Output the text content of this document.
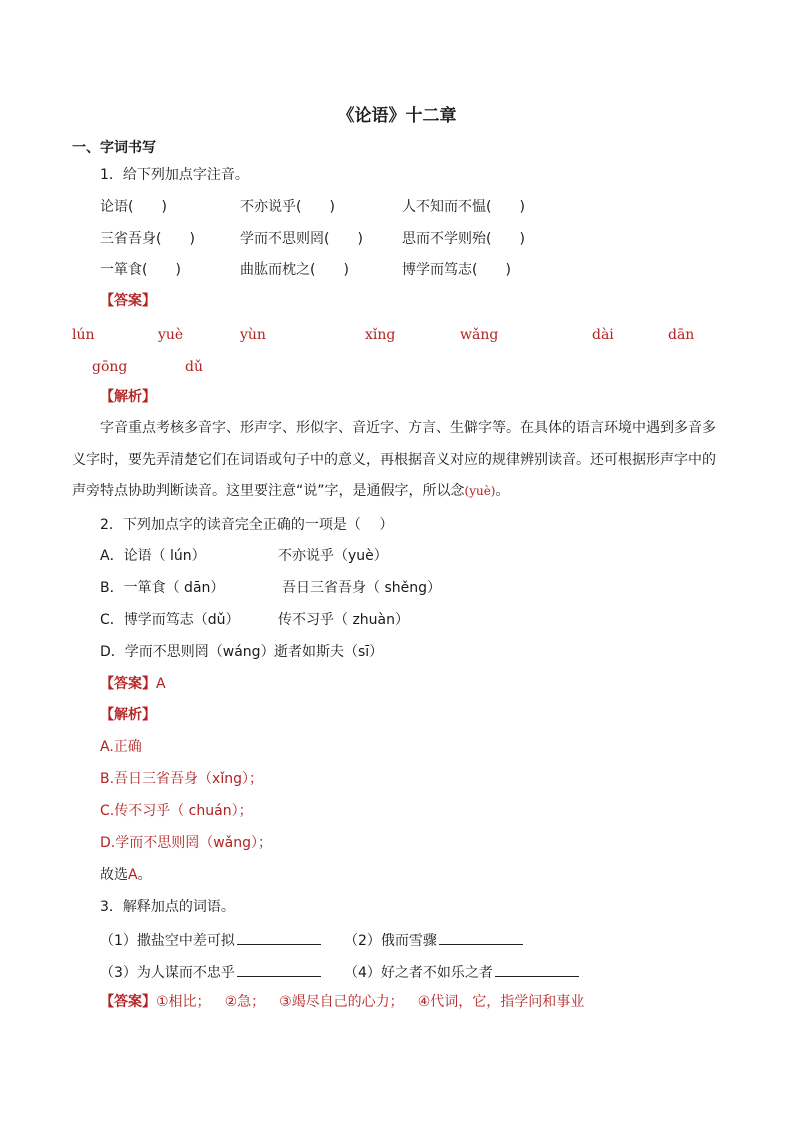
《论语》十二章
一、字词书写
1．给下列加点字注音。
论语(　　)	不亦说乎(　　)	人不知而不愠(　　)
三省吾身(　　)	学而不思则罔(　　)	思而不学则殆(　　)
一箪食(　　)	曲肱而枕之(　　)	博学而笃志(　　)
【答案】
lún	yuè	yùn	xǐng	wǎng	dài	dān
gōng	dǔ
【解析】
字音重点考核多音字、形声字、形似字、音近字、方言、生僻字等。在具体的语言环境中遇到多音多义字时，要先弄清楚它们在词语或句子中的意义，再根据音义对应的规律辨别读音。还可根据形声字中的声旁特点协助判断读音。这里要注意“说”字，是通假字，所以念(yuè)。
2．下列加点字的读音完全正确的一项是（　 ）
A．论语（ lún）	不亦说乎（yuè）
B．一箪食（ dān）	吾日三省吾身（ shěng）
C．博学而笃志（dǔ）	传不习乎（ zhuàn）
D．学而不思则罔（wáng） 逝者如斯夫（sī）
【答案】A
【解析】
A.正确
B.吾日三省吾身（xǐng）；
C.传不习乎（ chuán）；
D.学而不思则罔（wǎng）；
故选A。
3．解释加点的词语。
（1）撒盐空中差可拟	（2）俄而雪骤
（3）为人谋而不忠乎	（4）好之者不如乐之者
【答案】①相比； ②急； ③竭尽自己的心力； ④代词，它，指学问和事业
